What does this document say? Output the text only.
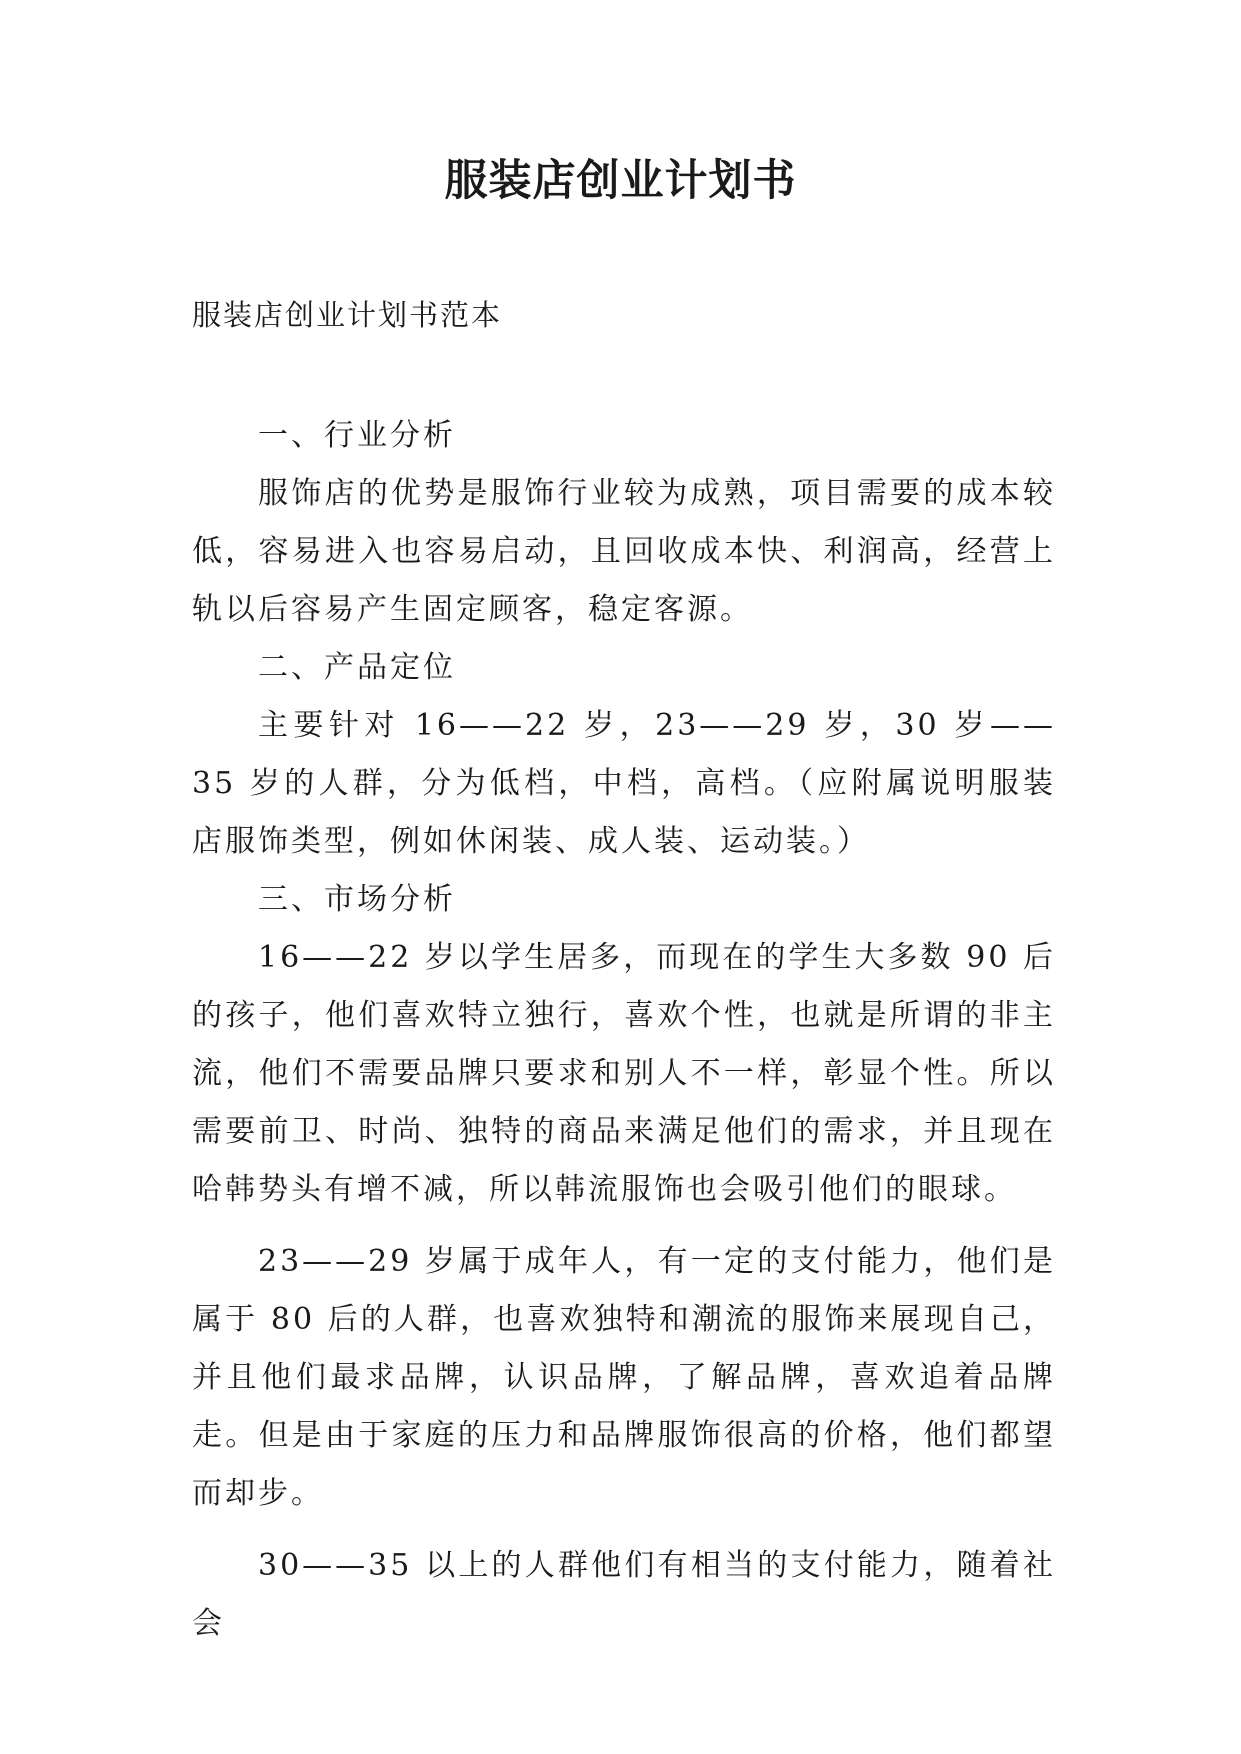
服装店创业计划书
服装店创业计划书范本

一、行业分析

服饰店的优势是服饰行业较为成熟，项目需要的成本较低，容易进入也容易启动，且回收成本快、利润高，经营上轨以后容易产生固定顾客，稳定客源。

二、产品定位

主要针对 16——22 岁，23——29 岁，30 岁——35 岁的人群，分为低档，中档，高档。（应附属说明服装店服饰类型，例如休闲装、成人装、运动装。）

三、市场分析

16——22 岁以学生居多，而现在的学生大多数 90 后的孩子，他们喜欢特立独行，喜欢个性，也就是所谓的非主流，他们不需要品牌只要求和别人不一样，彰显个性。所以需要前卫、时尚、独特的商品来满足他们的需求，并且现在哈韩势头有增不减，所以韩流服饰也会吸引他们的眼球。

23——29 岁属于成年人，有一定的支付能力，他们是属于 80 后的人群，也喜欢独特和潮流的服饰来展现自己，并且他们最求品牌，认识品牌，了解品牌，喜欢追着品牌走。但是由于家庭的压力和品牌服饰很高的价格，他们都望而却步。

30——35 以上的人群他们有相当的支付能力，随着社会
